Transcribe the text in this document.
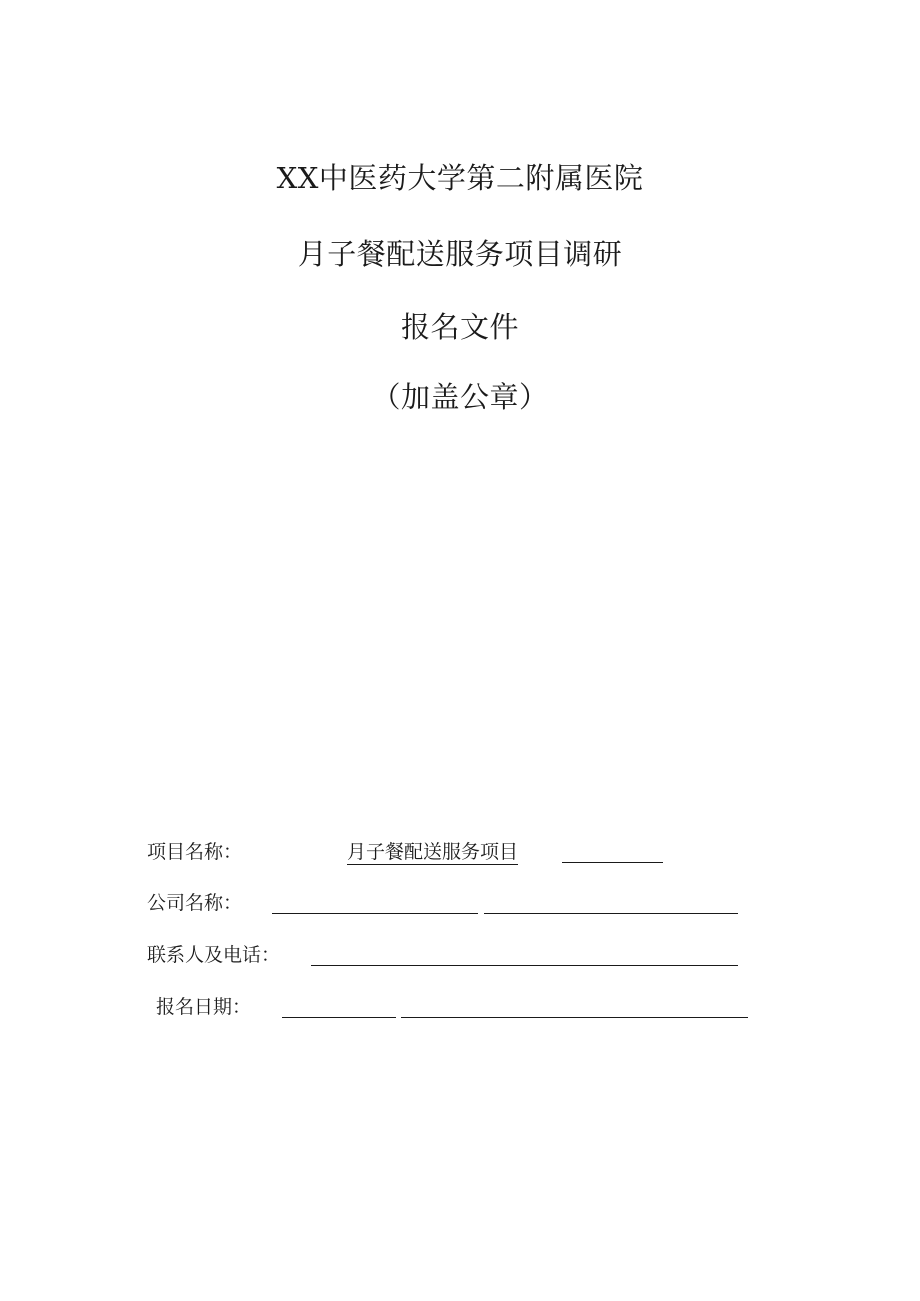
XX中医药大学第二附属医院
月子餐配送服务项目调研
报名文件
（加盖公章）
项目名称：	月子餐配送服务项目
公司名称：
联系人及电话：
报名日期：
